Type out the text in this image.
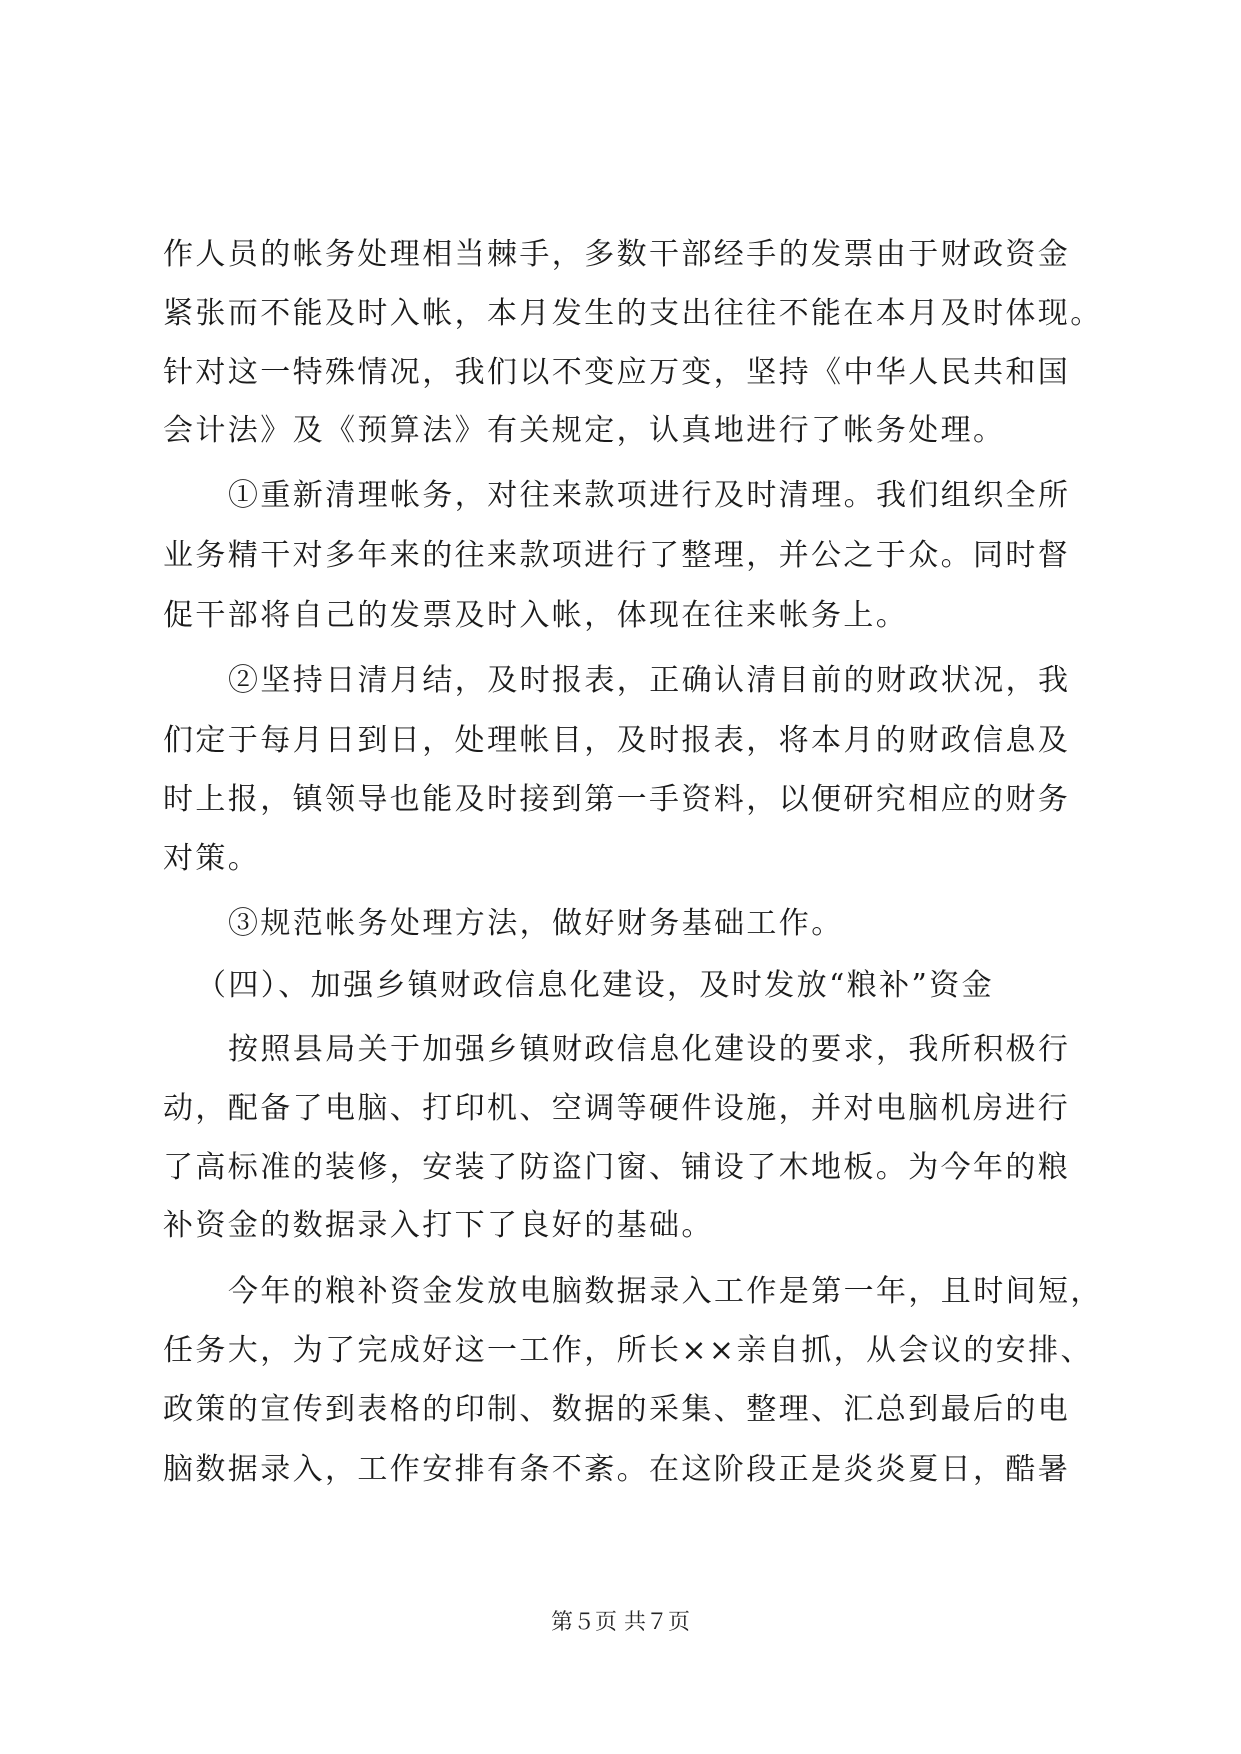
作人员的帐务处理相当棘手，多数干部经手的发票由于财政资金
紧张而不能及时入帐，本月发生的支出往往不能在本月及时体现。
针对这一特殊情况，我们以不变应万变，坚持《中华人民共和国
会计法》及《预算法》有关规定，认真地进行了帐务处理。
①重新清理帐务，对往来款项进行及时清理。我们组织全所
业务精干对多年来的往来款项进行了整理，并公之于众。同时督
促干部将自己的发票及时入帐，体现在往来帐务上。
②坚持日清月结，及时报表，正确认清目前的财政状况，我
们定于每月日到日，处理帐目，及时报表，将本月的财政信息及
时上报，镇领导也能及时接到第一手资料，以便研究相应的财务
对策。
③规范帐务处理方法，做好财务基础工作。
（四）、加强乡镇财政信息化建设，及时发放“粮补”资金
按照县局关于加强乡镇财政信息化建设的要求，我所积极行
动，配备了电脑、打印机、空调等硬件设施，并对电脑机房进行
了高标准的装修，安装了防盗门窗、铺设了木地板。为今年的粮
补资金的数据录入打下了良好的基础。
今年的粮补资金发放电脑数据录入工作是第一年，且时间短，
任务大，为了完成好这一工作，所长××亲自抓，从会议的安排、
政策的宣传到表格的印制、数据的采集、整理、汇总到最后的电
脑数据录入，工作安排有条不紊。在这阶段正是炎炎夏日，酷暑
第５页 共７页
